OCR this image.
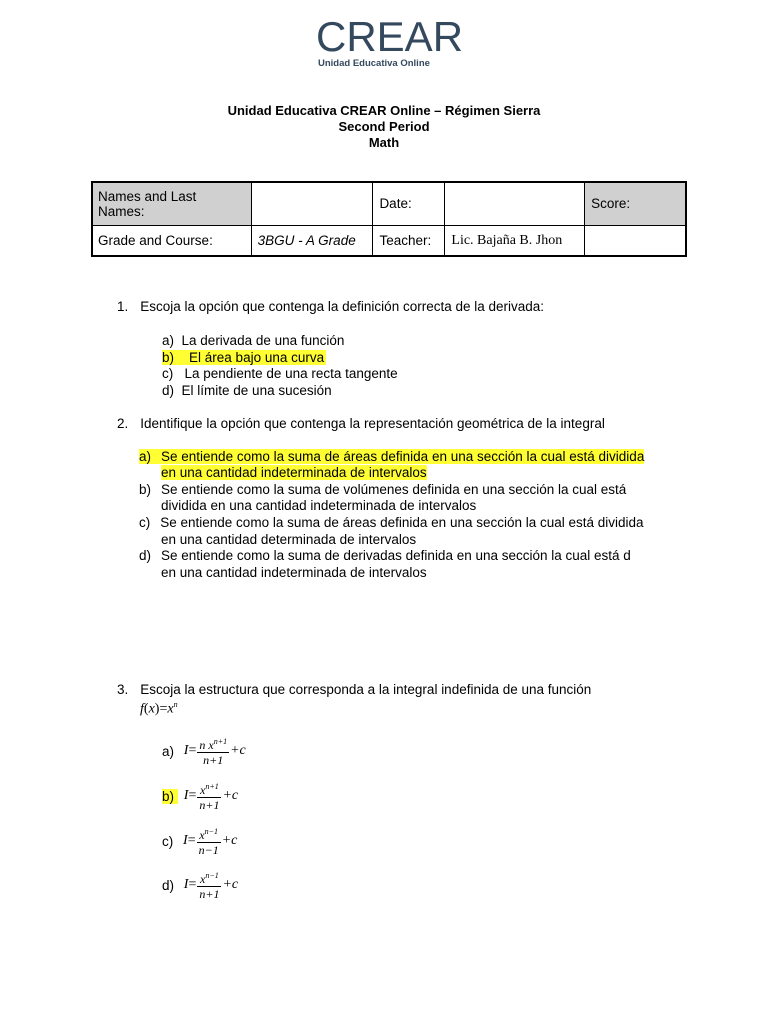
CREAR
Unidad Educativa Online
Unidad Educativa CREAR Online – Régimen Sierra
Second Period
Math
Names and Last Names:		Date:		Score:
Grade and Course:	3BGU - A Grade	Teacher:	Lic. Bajaña B. Jhon	
1. Escoja la opción que contenga la definición correcta de la derivada:
a) La derivada de una función
b) El área bajo una curva
c) La pendiente de una recta tangente
d) El límite de una sucesión
2. Identifique la opción que contenga la representación geométrica de la integral
a) Se entiende como la suma de áreas definida en una sección la cual está dividida
en una cantidad indeterminada de intervalos
b) Se entiende como la suma de volúmenes definida en una sección la cual está
dividida en una cantidad indeterminada de intervalos
c) Se entiende como la suma de áreas definida en una sección la cual está dividida
en una cantidad determinada de intervalos
d) Se entiende como la suma de derivadas definida en una sección la cual está d
en una cantidad indeterminada de intervalos
3. Escoja la estructura que corresponda a la integral indefinida de una función
$f(x)=x^n$
a) $I= \frac{n x^{n+1}}{n+1} +c$
b) $I= \frac{x^{n+1}}{n+1} +c$
c) $I= \frac{x^{n-1}}{n-1} +c$
d) $I= \frac{x^{n-1}}{n+1} +c$
